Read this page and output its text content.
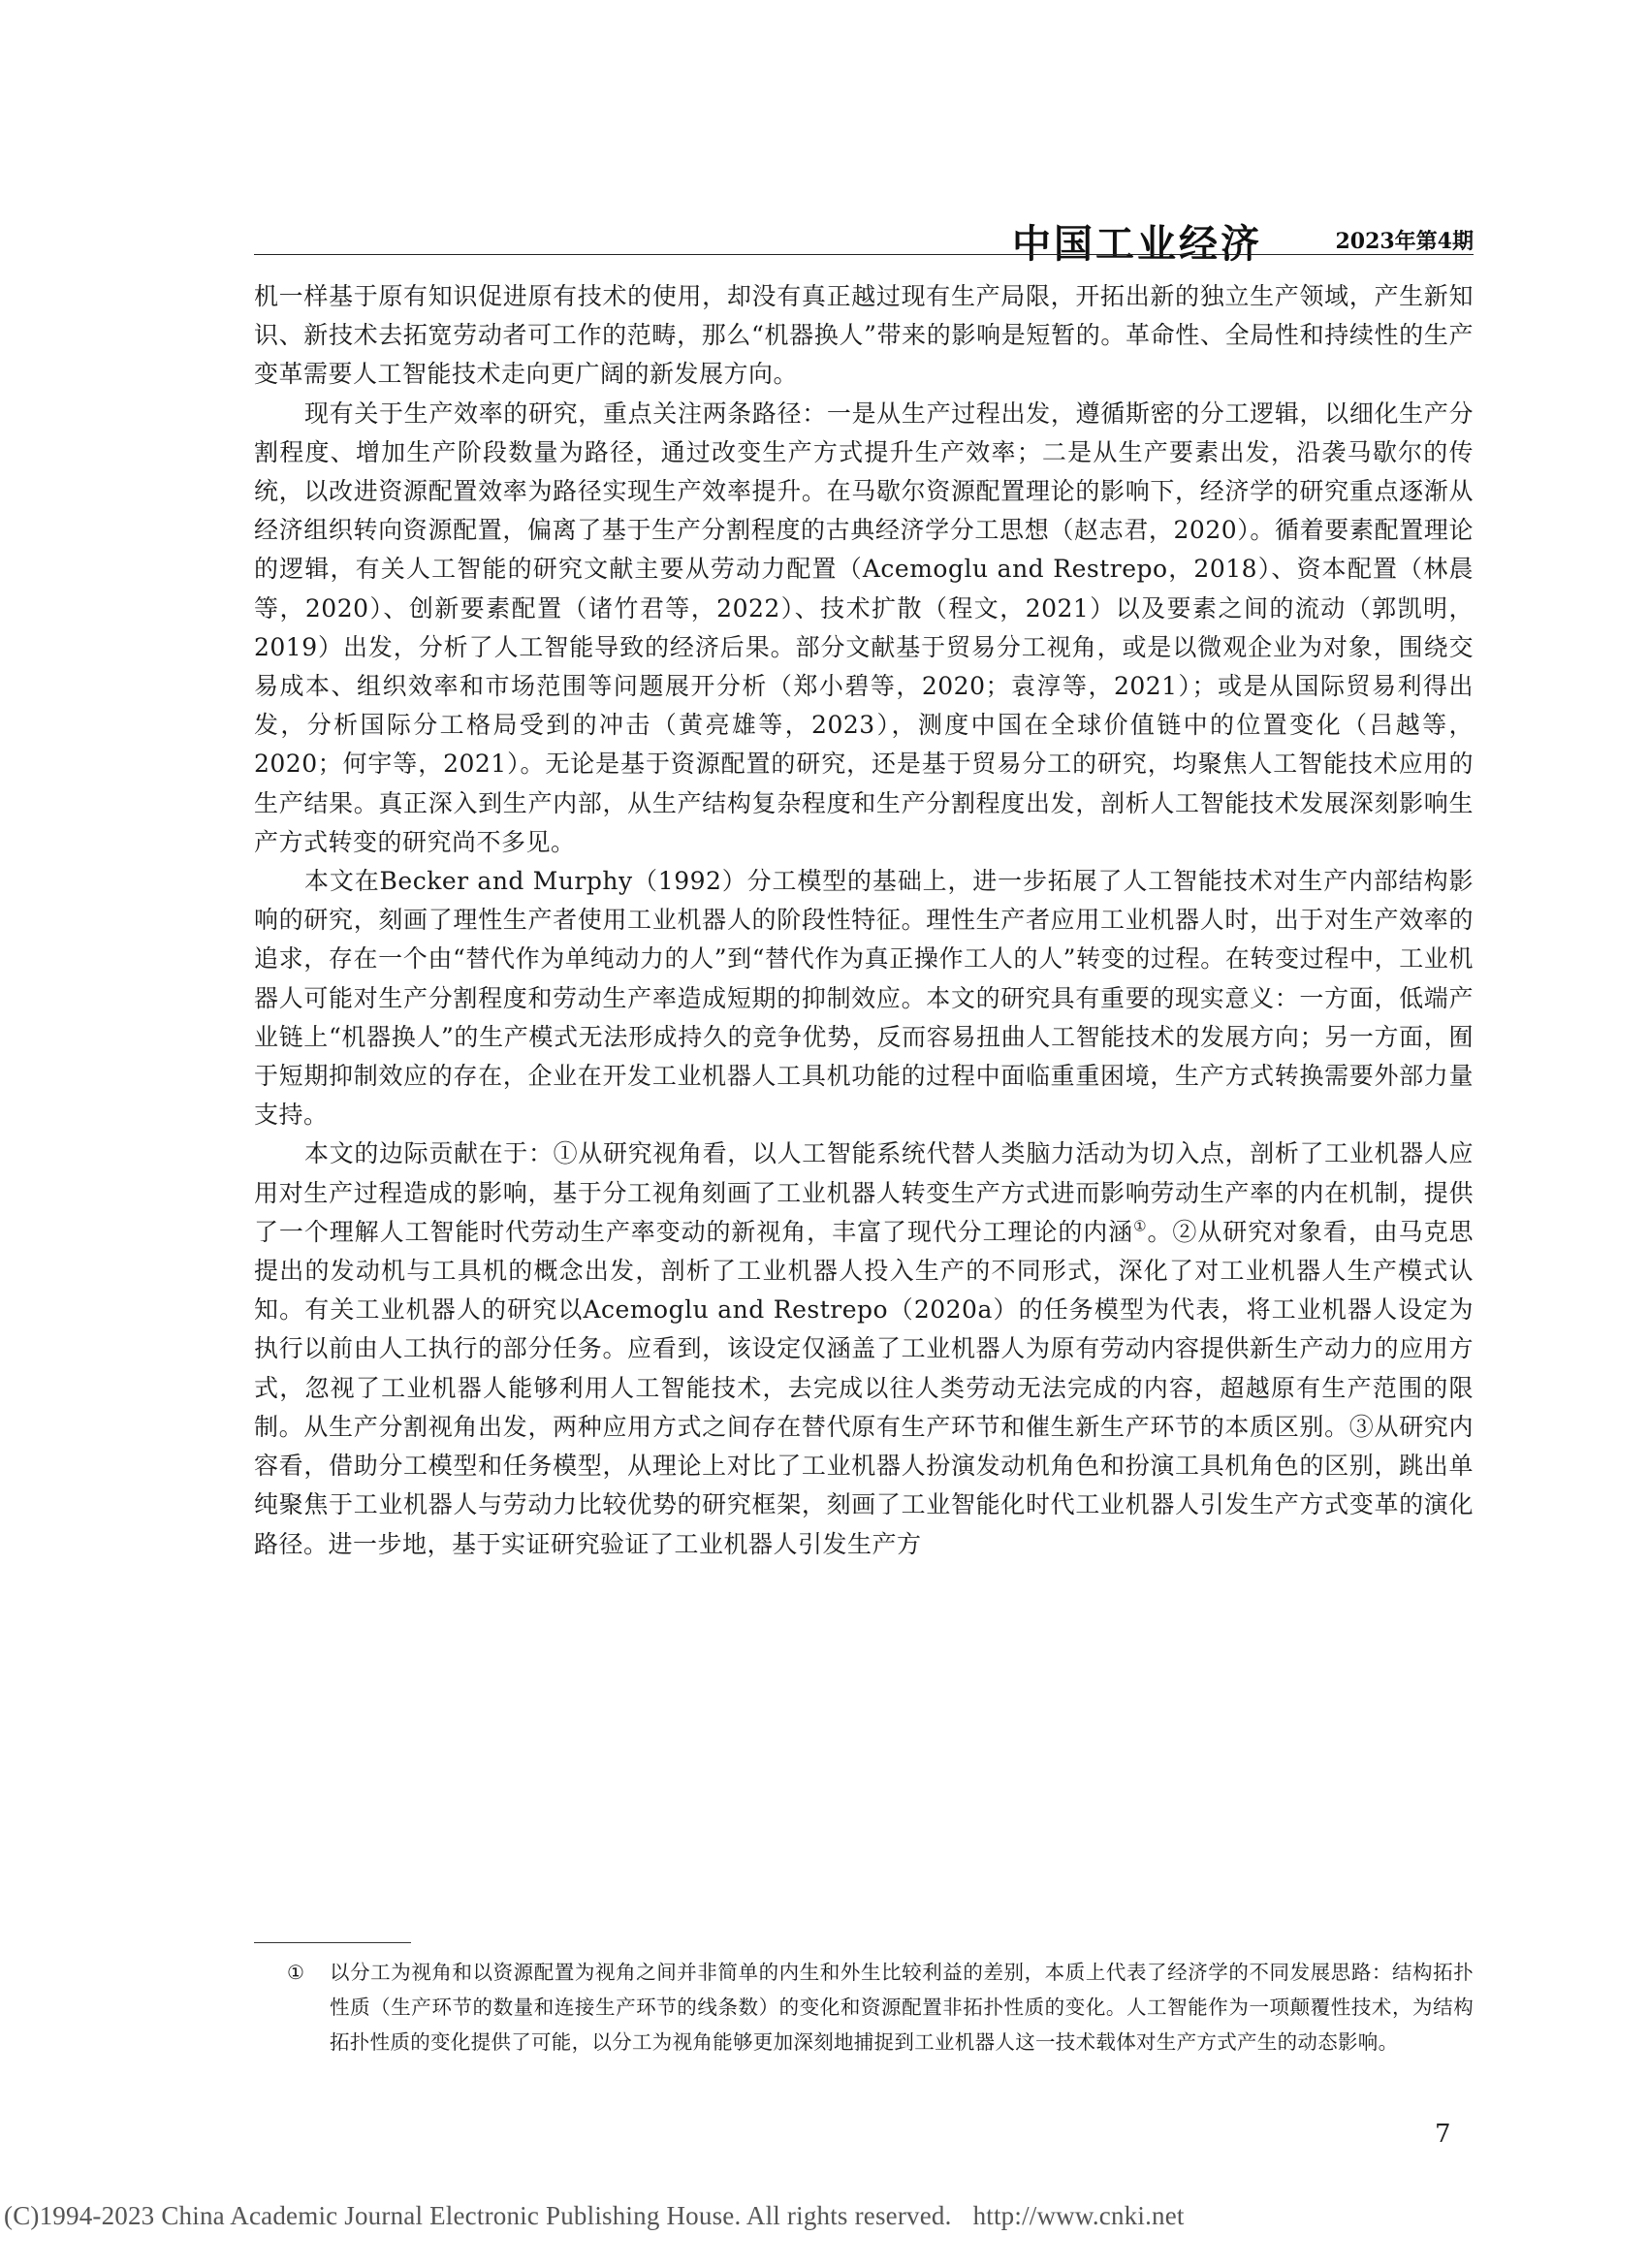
中国工业经济	2023年第4期

机一样基于原有知识促进原有技术的使用，却没有真正越过现有生产局限，开拓出新的独立生产领域，产生新知识、新技术去拓宽劳动者可工作的范畴，那么“机器换人”带来的影响是短暂的。革命性、全局性和持续性的生产变革需要人工智能技术走向更广阔的新发展方向。

现有关于生产效率的研究，重点关注两条路径：一是从生产过程出发，遵循斯密的分工逻辑，以细化生产分割程度、增加生产阶段数量为路径，通过改变生产方式提升生产效率；二是从生产要素出发，沿袭马歇尔的传统，以改进资源配置效率为路径实现生产效率提升。在马歇尔资源配置理论的影响下，经济学的研究重点逐渐从经济组织转向资源配置，偏离了基于生产分割程度的古典经济学分工思想（赵志君，2020）。循着要素配置理论的逻辑，有关人工智能的研究文献主要从劳动力配置（Acemoglu and Restrepo，2018）、资本配置（林晨等，2020）、创新要素配置（诸竹君等，2022）、技术扩散（程文，2021）以及要素之间的流动（郭凯明，2019）出发，分析了人工智能导致的经济后果。部分文献基于贸易分工视角，或是以微观企业为对象，围绕交易成本、组织效率和市场范围等问题展开分析（郑小碧等，2020；袁淳等，2021）；或是从国际贸易利得出发，分析国际分工格局受到的冲击（黄亮雄等，2023），测度中国在全球价值链中的位置变化（吕越等，2020；何宇等，2021）。无论是基于资源配置的研究，还是基于贸易分工的研究，均聚焦人工智能技术应用的生产结果。真正深入到生产内部，从生产结构复杂程度和生产分割程度出发，剖析人工智能技术发展深刻影响生产方式转变的研究尚不多见。

本文在Becker and Murphy（1992）分工模型的基础上，进一步拓展了人工智能技术对生产内部结构影响的研究，刻画了理性生产者使用工业机器人的阶段性特征。理性生产者应用工业机器人时，出于对生产效率的追求，存在一个由“替代作为单纯动力的人”到“替代作为真正操作工人的人”转变的过程。在转变过程中，工业机器人可能对生产分割程度和劳动生产率造成短期的抑制效应。本文的研究具有重要的现实意义：一方面，低端产业链上“机器换人”的生产模式无法形成持久的竞争优势，反而容易扭曲人工智能技术的发展方向；另一方面，囿于短期抑制效应的存在，企业在开发工业机器人工具机功能的过程中面临重重困境，生产方式转换需要外部力量支持。

本文的边际贡献在于：①从研究视角看，以人工智能系统代替人类脑力活动为切入点，剖析了工业机器人应用对生产过程造成的影响，基于分工视角刻画了工业机器人转变生产方式进而影响劳动生产率的内在机制，提供了一个理解人工智能时代劳动生产率变动的新视角，丰富了现代分工理论的内涵①。②从研究对象看，由马克思提出的发动机与工具机的概念出发，剖析了工业机器人投入生产的不同形式，深化了对工业机器人生产模式认知。有关工业机器人的研究以Acemoglu and Restrepo（2020a）的任务模型为代表，将工业机器人设定为执行以前由人工执行的部分任务。应看到，该设定仅涵盖了工业机器人为原有劳动内容提供新生产动力的应用方式，忽视了工业机器人能够利用人工智能技术，去完成以往人类劳动无法完成的内容，超越原有生产范围的限制。从生产分割视角出发，两种应用方式之间存在替代原有生产环节和催生新生产环节的本质区别。③从研究内容看，借助分工模型和任务模型，从理论上对比了工业机器人扮演发动机角色和扮演工具机角色的区别，跳出单纯聚焦于工业机器人与劳动力比较优势的研究框架，刻画了工业智能化时代工业机器人引发生产方式变革的演化路径。进一步地，基于实证研究验证了工业机器人引发生产方

① 以分工为视角和以资源配置为视角之间并非简单的内生和外生比较利益的差别，本质上代表了经济学的不同发展思路：结构拓扑性质（生产环节的数量和连接生产环节的线条数）的变化和资源配置非拓扑性质的变化。人工智能作为一项颠覆性技术，为结构拓扑性质的变化提供了可能，以分工为视角能够更加深刻地捕捉到工业机器人这一技术载体对生产方式产生的动态影响。
7
(C)1994-2023 China Academic Journal Electronic Publishing House. All rights reserved. http://www.cnki.net
